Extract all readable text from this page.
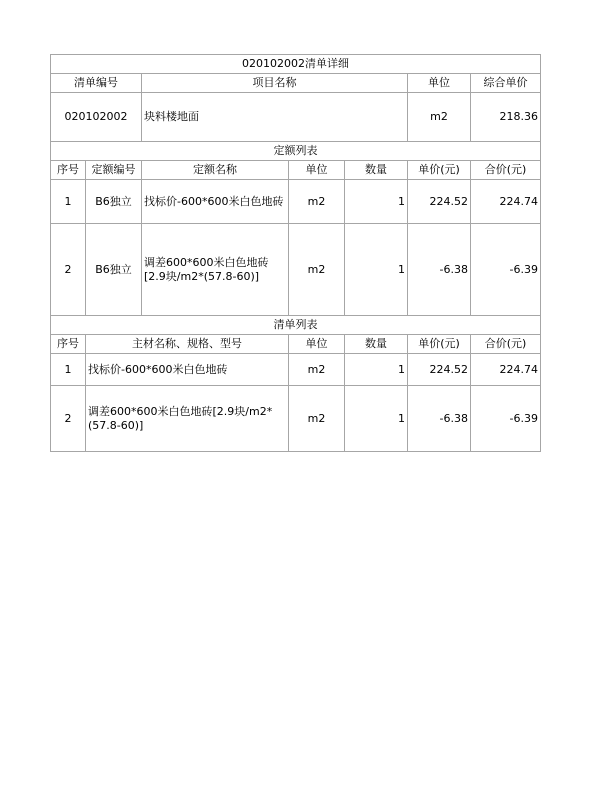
020102002清单详细						
清单编号		项目名称			单位	综合单价
020102002		块料楼地面			m2	218.36
定额列表						
序号	定额编号	定额名称	单位	数量	单价(元)	合价(元)
1	B6独立	找标价-600*600米白色地砖	m2	1	224.52	224.74
2	B6独立	调差600*600米白色地砖[2.9块/m2*(57.8-60)]	m2	1	-6.38	-6.39
清单列表						
序号	主材名称、规格、型号		单位	数量	单价(元)	合价(元)
1	找标价-600*600米白色地砖		m2	1	224.52	224.74
2	调差600*600米白色地砖[2.9块/m2*(57.8-60)]		m2	1	-6.38	-6.39
